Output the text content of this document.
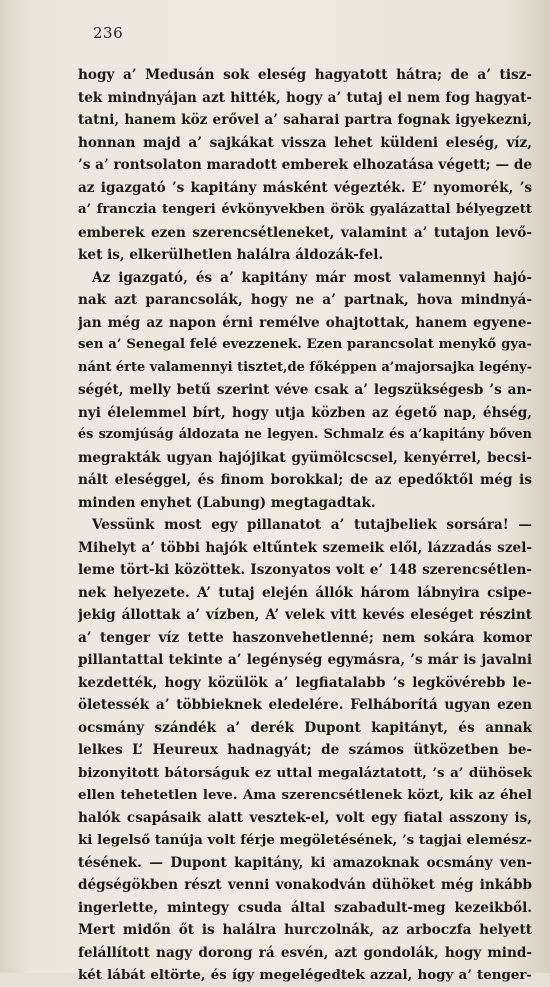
236
hogy a’ Medusán sok eleség hagyatott hátra; de a’ tisz-
tek mindnyájan azt hitték, hogy a’ tutaj el nem fog hagyat-
tatni, hanem köz erővel a’ saharai partra fognak igyekezni,
honnan majd a’ sajkákat vissza lehet küldeni eleség, víz,
’s a’ rontsolaton maradott emberek elhozatása végett; — de
az igazgató ’s kapitány másként végezték. E’ nyomorék, ’s
a’ franczia tengeri évkönyvekben örök gyalázattal bélyegzett
emberek ezen szerencsétleneket, valamint a’ tutajon levő-
ket is, elkerülhetlen halálra áldozák-fel.
Az igazgató, és a’ kapitány már most valamennyi hajó-
nak azt parancsolák, hogy ne a’ partnak, hova mindnyá-
jan még az napon érni remélve ohajtottak, hanem egyene-
sen a’ Senegal felé evezzenek. Ezen parancsolat menykő gya-
nánt érte valamennyi tisztet,de főképpen a’majorsajka legény-
ségét, melly betű szerint véve csak a’ legszükségesb ’s an-
nyi élelemmel bírt, hogy utja közben az égető nap, éhség,
és szomjúság áldozata ne legyen. Schmalz és a’kapitány bőven
megrakták ugyan hajójikat gyümölcscsel, kenyérrel, becsi-
nált eleséggel, és finom borokkal; de az epedőktől még is
minden enyhet (Labung) megtagadtak.
Vessünk most egy pillanatot a’ tutajbeliek sorsára! —
Mihelyt a’ többi hajók eltűntek szemeik elől, lázzadás szel-
leme tört-ki közöttek. Iszonyatos volt e’ 148 szerencsétlen-
nek helyezete. A’ tutaj elején állók három lábnyira csipe-
jekig állottak a’ vízben, A’ velek vitt kevés eleséget részint
a’ tenger víz tette haszonvehetlenné; nem sokára komor
pillantattal tekinte a’ legénység egymásra, ’s már is javalni
kezdették, hogy közülök a’ legfiatalabb ’s legkövérebb le-
öletessék a’ többieknek eledelére. Felháborítá ugyan ezen
ocsmány szándék a’ derék Dupont kapitányt, és annak
lelkes L’ Heureux hadnagyát; de számos ütközetben be-
bizonyitott bátorságuk ez uttal megaláztatott, ’s a’ dühösek
ellen tehetetlen leve. Ama szerencsétlenek közt, kik az éhel
halók csapásaik alatt vesztek-el, volt egy fiatal asszony is,
ki legelső tanúja volt férje megöletésének, ’s tagjai elemész-
tésének. — Dupont kapitány, ki amazoknak ocsmány ven-
dégségökben részt venni vonakodván dühöket még inkább
ingerlette, mintegy csuda által szabadult-meg kezeikből.
Mert midőn őt is halálra hurczolnák, az arboczfa helyett
felállított nagy dorong rá esvén, azt gondolák, hogy mind-
két lábát eltörte, és így megelégedtek azzal, hogy a’ tenger-
